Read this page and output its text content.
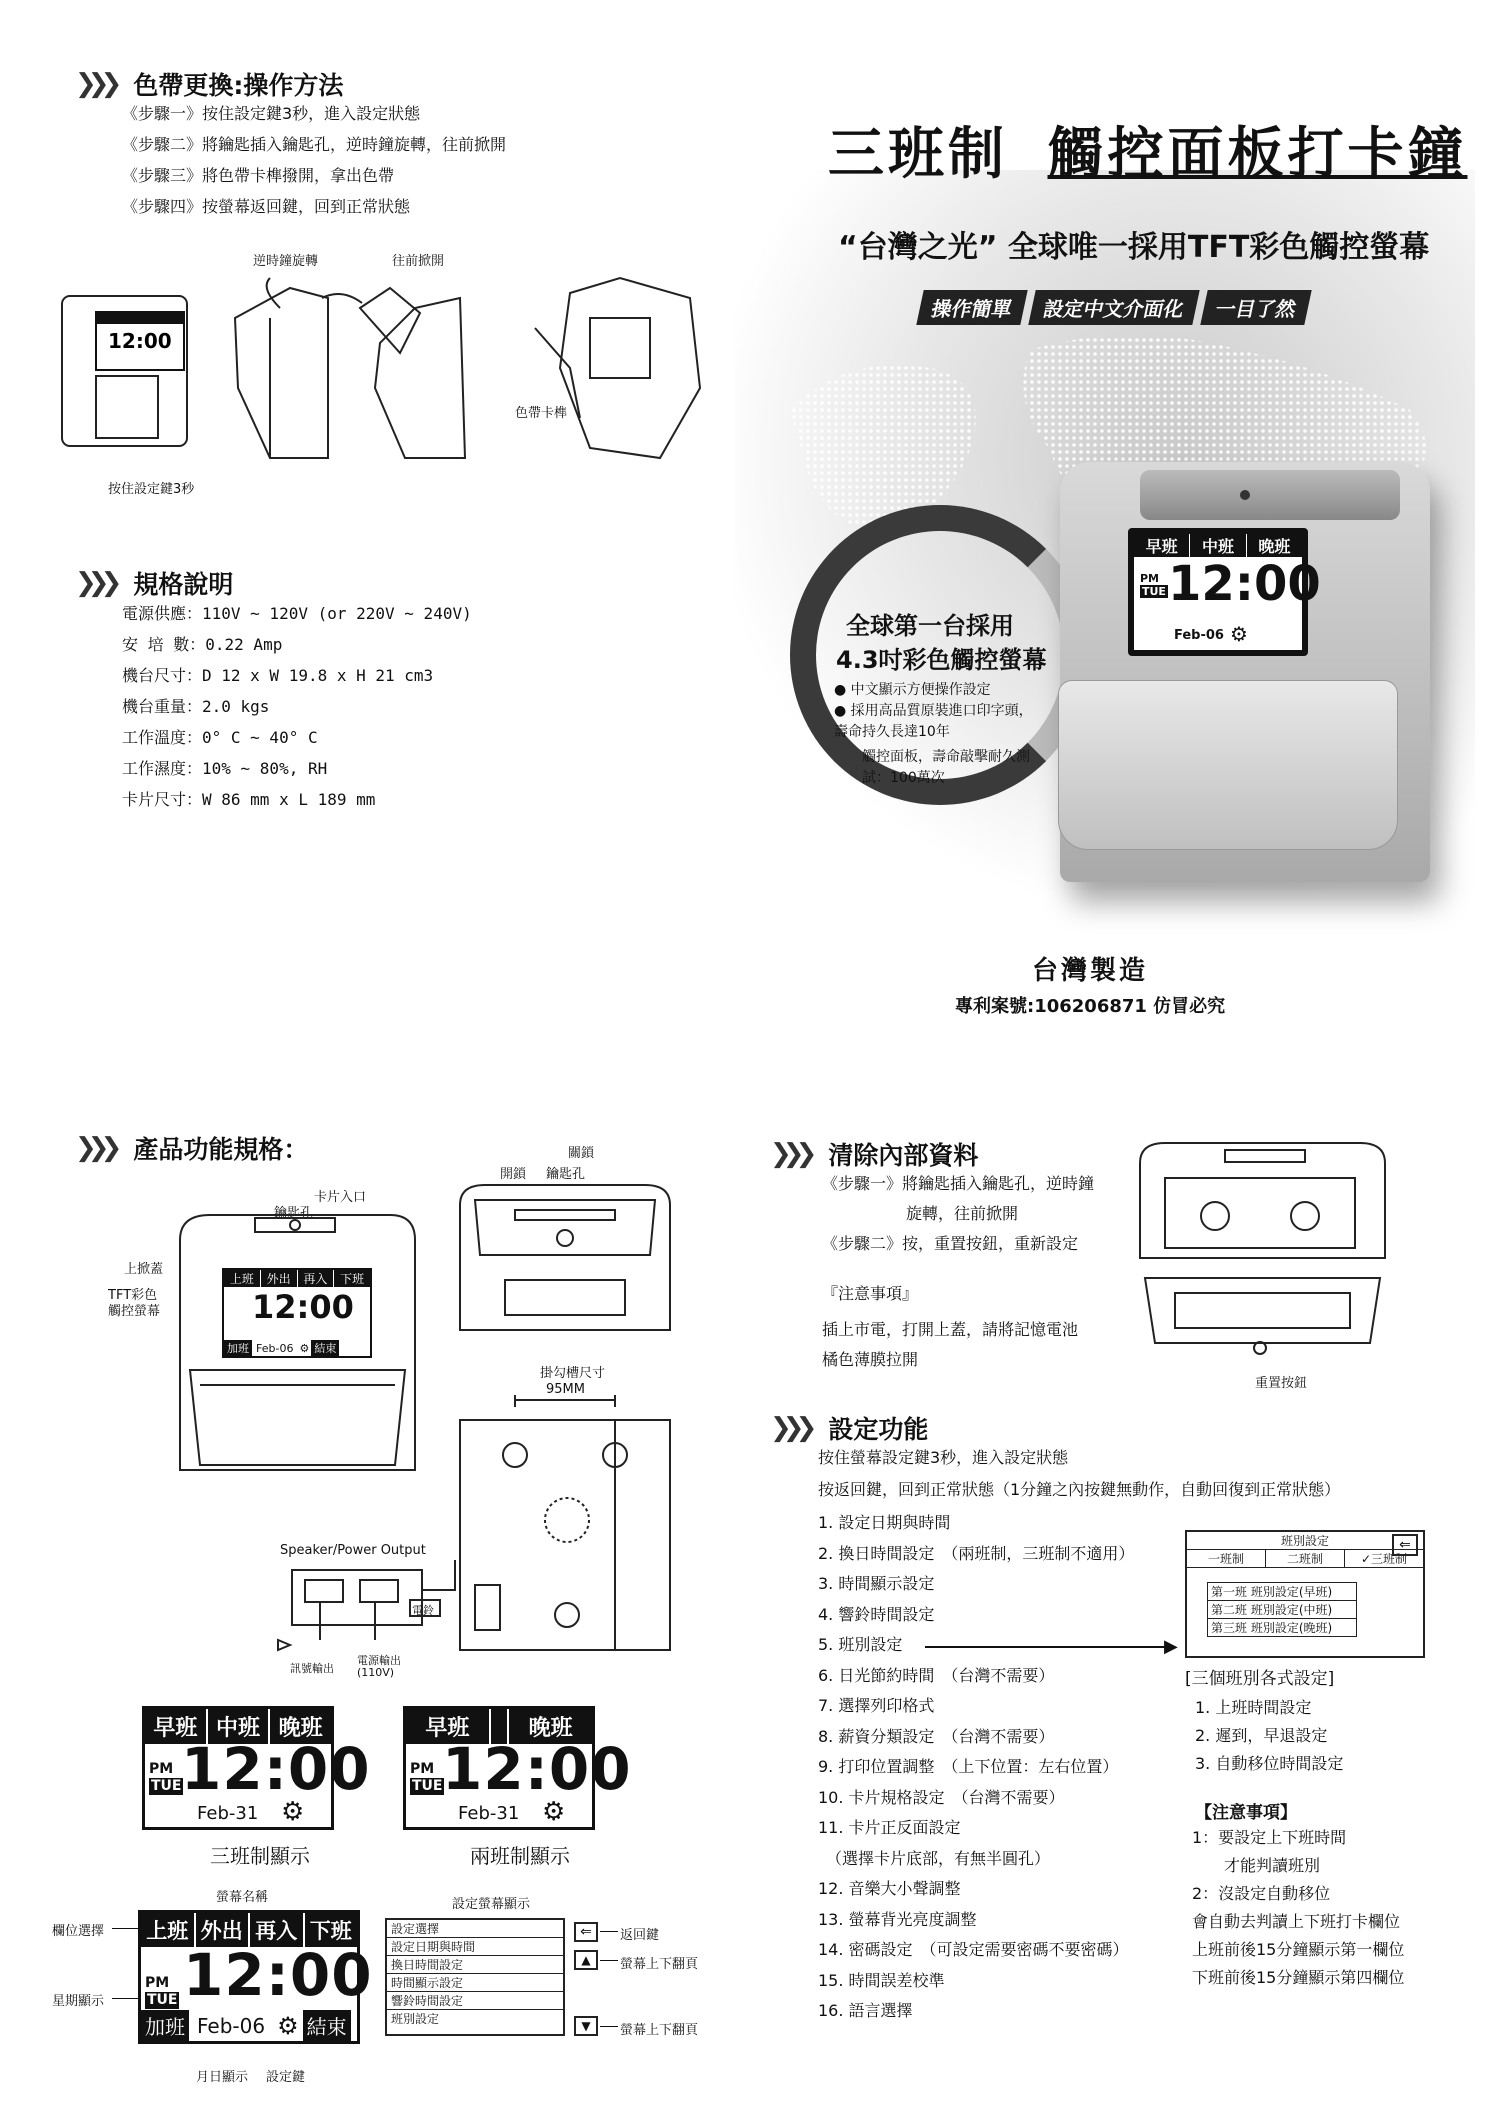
❯❯❯ 色帶更換:操作方法
《步驟一》按住設定鍵3秒，進入設定狀態
《步驟二》將鑰匙插入鑰匙孔，逆時鐘旋轉，往前掀開
《步驟三》將色帶卡榫撥開，拿出色帶
《步驟四》按螢幕返回鍵，回到正常狀態
逆時鐘旋轉	往前掀開
12:00
色帶卡榫
按住設定鍵3秒
❯❯❯ 規格說明
電源供應：110V ~ 120V (or 220V ~ 240V)
安 培 數：0.22 Amp
機台尺寸：D 12 x W 19.8 x H 21 cm3
機台重量：2.0 kgs
工作溫度：0° C ~ 40° C
工作濕度：10% ~ 80%, RH
卡片尺寸：W 86 mm x L 189 mm
三班制 觸控面板打卡鐘
“台灣之光” 全球唯一採用TFT彩色觸控螢幕
操作簡單	設定中文介面化	一目了然
全球第一台採用
4.3吋彩色觸控螢幕
● 中文顯示方便操作設定
● 採用高品質原裝進口印字頭，壽命持久長達10年
觸控面板，壽命敲擊耐久測試：100萬次
早班	中班	晚班
PM
TUE 12:00
Feb-06 ⚙
台灣製造
專利案號:106206871 仿冒必究
❯❯❯ 產品功能規格：
卡片入口
鑰匙孔
上掀蓋
TFT彩色觸控螢幕
上班	外出	再入	下班
12:00
加班 Feb-06 ⚙ 結束
關鎖
開鎖 鑰匙孔
掛勾槽尺寸
95MM
Speaker/Power Output
電鈴
訊號輸出
電源輸出
(110V)
早班 中班 晚班
PM
TUE 12:00
Feb-31 ⚙
三班制顯示
早班	晚班
PM
TUE 12:00
Feb-31 ⚙
兩班制顯示
螢幕名稱
欄位選擇
星期顯示
上班 外出 再入 下班
PM
TUE 12:00
加班 Feb-06 ⚙ 結束
月日顯示 設定鍵
設定螢幕顯示
設定選擇
設定日期與時間
換日時間設定
時間顯示設定
響鈴時間設定
班別設定
⇐
▲
▼
返回鍵
螢幕上下翻頁
螢幕上下翻頁
❯❯❯ 清除內部資料
《步驟一》將鑰匙插入鑰匙孔，逆時鐘
旋轉，往前掀開
《步驟二》按，重置按鈕，重新設定
『注意事項』
插上市電，打開上蓋，請將記憶電池
橘色薄膜拉開
重置按鈕
❯❯❯ 設定功能
按住螢幕設定鍵3秒，進入設定狀態
按返回鍵，回到正常狀態（1分鐘之內按鍵無動作，自動回復到正常狀態）
1. 設定日期與時間
2. 換日時間設定　（兩班制，三班制不適用）
3. 時間顯示設定
4. 響鈴時間設定
5. 班別設定
6. 日光節約時間　（台灣不需要）
7. 選擇列印格式
8. 薪資分類設定　（台灣不需要）
9. 打印位置調整　（上下位置：左右位置）
10. 卡片規格設定　（台灣不需要）
11. 卡片正反面設定
　（選擇卡片底部，有無半圓孔）
12. 音樂大小聲調整
13. 螢幕背光亮度調整
14. 密碼設定　（可設定需要密碼不要密碼）
15. 時間誤差校準
16. 語言選擇
▶
班別設定
一班制	二班制	✓三班制
第一班 班別設定(早班)
第二班 班別設定(中班)
第三班 班別設定(晚班)
⇐
[三個班別各式設定]
1. 上班時間設定
2. 遲到，早退設定
3. 自動移位時間設定
【注意事項】
1：要設定上下班時間
　　才能判讀班別
2：沒設定自動移位
會自動去判讀上下班打卡欄位
上班前後15分鐘顯示第一欄位
下班前後15分鐘顯示第四欄位
